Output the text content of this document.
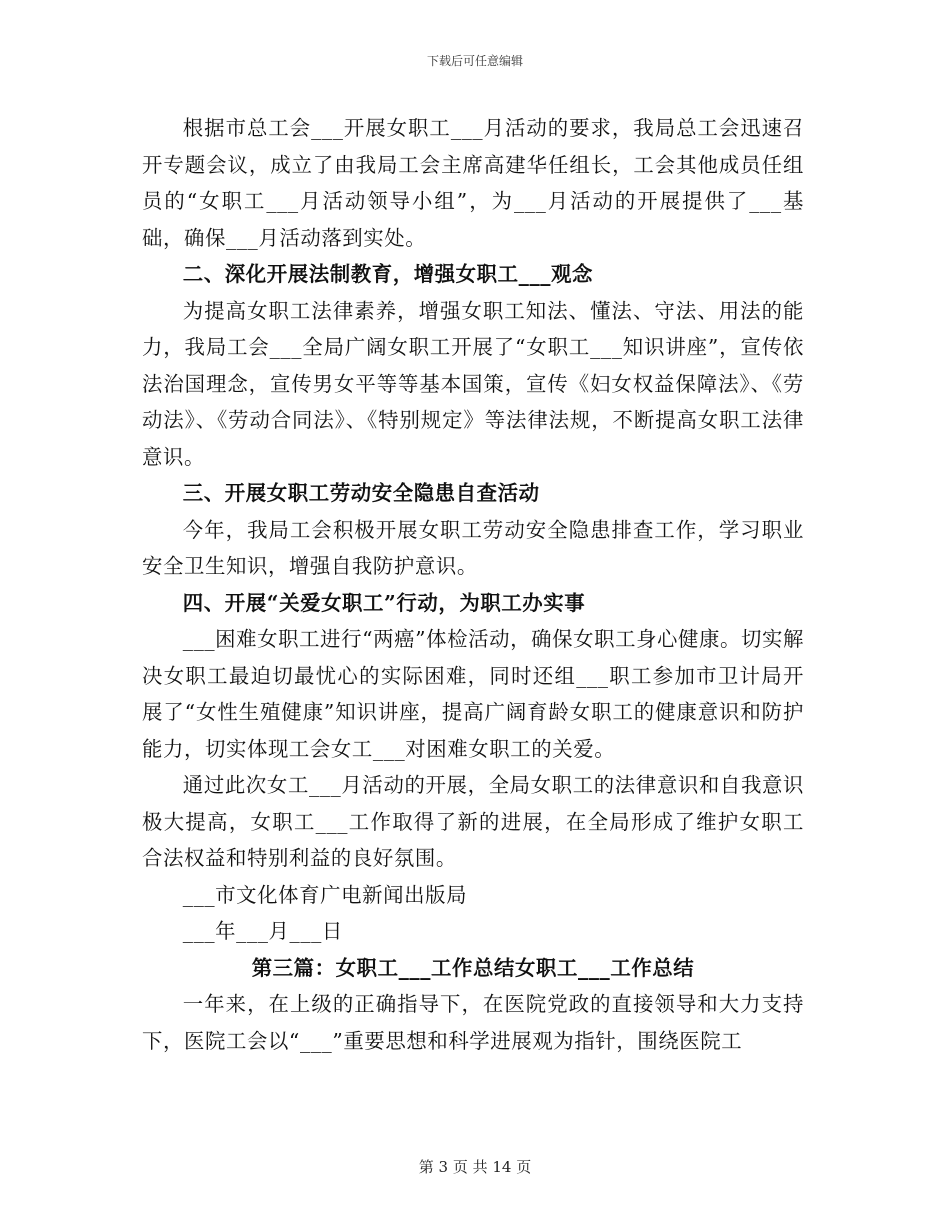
下载后可任意编辑

根据市总工会___开展女职工___月活动的要求，我局总工会迅速召开专题会议，成立了由我局工会主席高建华任组长，工会其他成员任组员的“女职工___月活动领导小组”，为___月活动的开展提供了___基础，确保___月活动落到实处。

二、深化开展法制教育，增强女职工___观念

为提高女职工法律素养，增强女职工知法、懂法、守法、用法的能力，我局工会___全局广阔女职工开展了“女职工___知识讲座”，宣传依法治国理念，宣传男女平等等基本国策，宣传《妇女权益保障法》、《劳动法》、《劳动合同法》、《特别规定》等法律法规，不断提高女职工法律意识。

三、开展女职工劳动安全隐患自查活动

今年，我局工会积极开展女职工劳动安全隐患排查工作，学习职业安全卫生知识，增强自我防护意识。

四、开展“关爱女职工”行动，为职工办实事

___困难女职工进行“两癌”体检活动，确保女职工身心健康。切实解决女职工最迫切最忧心的实际困难，同时还组___职工参加市卫计局开展了“女性生殖健康”知识讲座，提高广阔育龄女职工的健康意识和防护能力，切实体现工会女工___对困难女职工的关爱。

通过此次女工___月活动的开展，全局女职工的法律意识和自我意识极大提高，女职工___工作取得了新的进展，在全局形成了维护女职工合法权益和特别利益的良好氛围。

___市文化体育广电新闻出版局

___年___月___日

第三篇：女职工___工作总结女职工___工作总结

一年来，在上级的正确指导下，在医院党政的直接领导和大力支持下，医院工会以“___”重要思想和科学进展观为指针，围绕医院工

第 3 页 共 14 页
